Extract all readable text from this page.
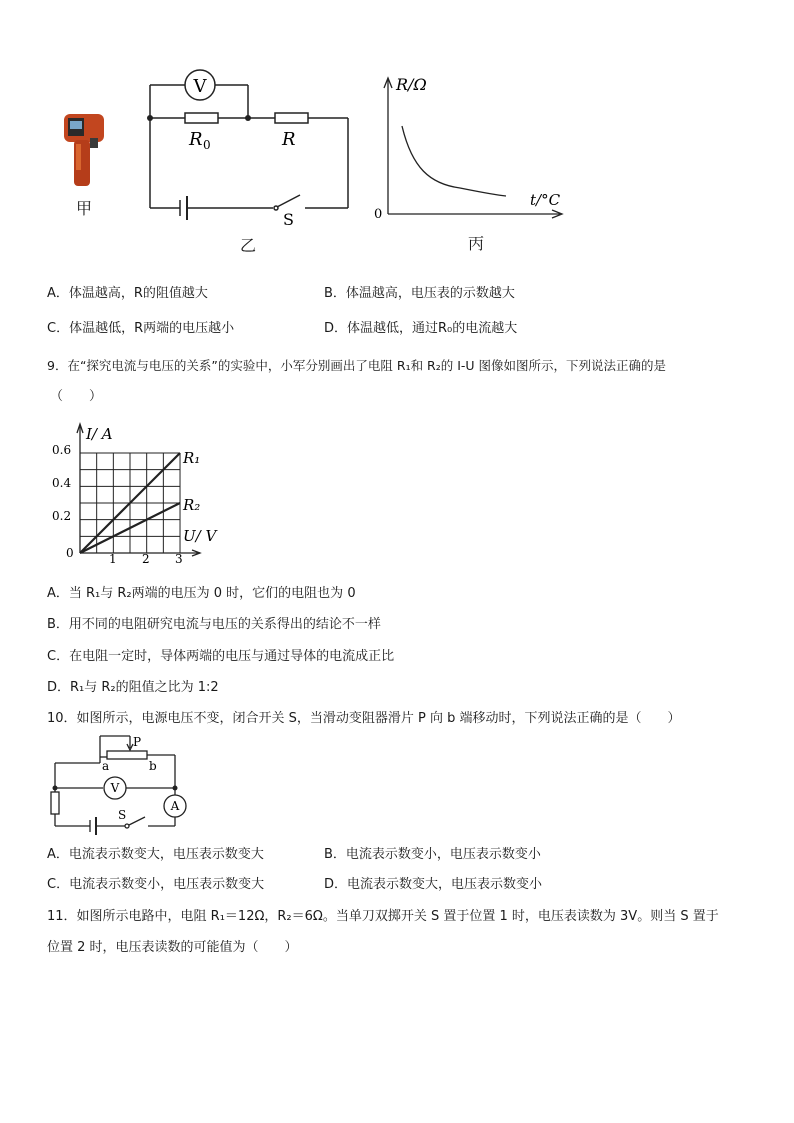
甲
V
R 0	R
S
乙
R/Ω
t/°C
0
丙
A．体温越高，R的阻值越大	B．体温越高，电压表的示数越大
C．体温越低，R两端的电压越小	D．体温越低，通过R₀的电流越大
9．在“探究电流与电压的关系”的实验中，小军分别画出了电阻 R₁和 R₂的 I-U 图像如图所示，下列说法正确的是
（　　）
I/ A
U/ V
0
0.2
0.4
0.6
1 2 3
R₁
R₂
A．当 R₁与 R₂两端的电压为 0 时，它们的电阻也为 0
B．用不同的电阻研究电流与电压的关系得出的结论不一样
C．在电阻一定时，导体两端的电压与通过导体的电流成正比
D．R₁与 R₂的阻值之比为 1:2
10．如图所示，电源电压不变，闭合开关 S，当滑动变阻器滑片 P 向 b 端移动时，下列说法正确的是（　　）
P
a	b
V
A
S
A．电流表示数变大，电压表示数变大	B．电流表示数变小，电压表示数变小
C．电流表示数变小，电压表示数变大	D．电流表示数变大，电压表示数变小
11．如图所示电路中，电阻 R₁＝12Ω，R₂＝6Ω。当单刀双掷开关 S 置于位置 1 时，电压表读数为 3V。则当 S 置于
位置 2 时，电压表读数的可能值为（　　）
